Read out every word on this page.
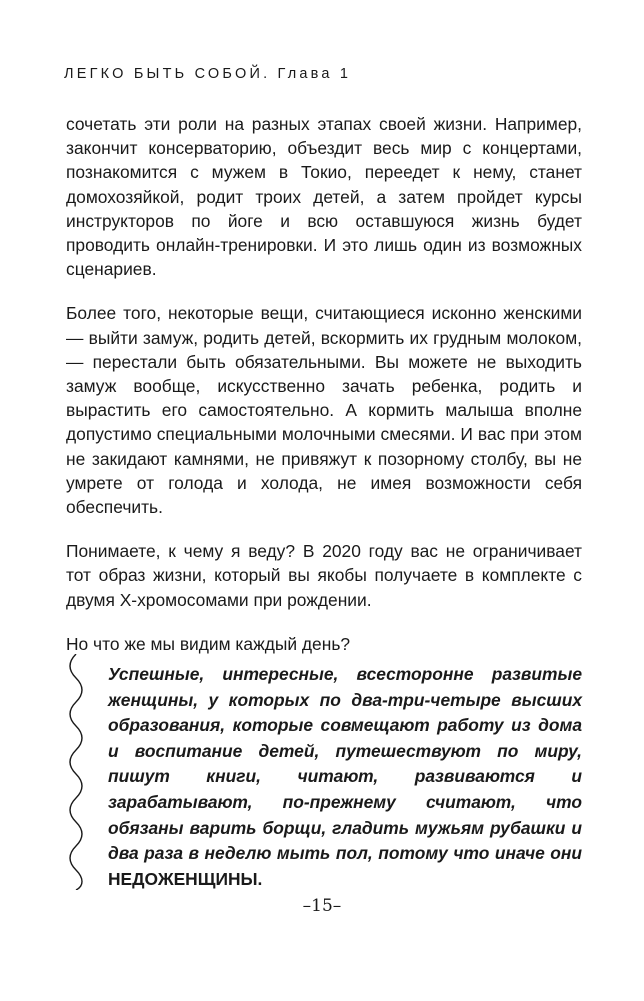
ЛЕГКО БЫТЬ СОБОЙ. Глава 1

сочетать эти роли на разных этапах своей жизни. Например, закончит консерваторию, объездит весь мир с концертами, познакомится с мужем в Токио, переедет к нему, станет домохозяйкой, родит троих детей, а затем пройдет курсы инструкторов по йоге и всю оставшуюся жизнь будет проводить онлайн-тренировки. И это лишь один из возможных сценариев.

Более того, некоторые вещи, считающиеся исконно женскими — выйти замуж, родить детей, вскормить их грудным молоком, — перестали быть обязательными. Вы можете не выходить замуж вообще, искусственно зачать ребенка, родить и вырастить его самостоятельно. А кормить малыша вполне допустимо специальными молочными смесями. И вас при этом не закидают камнями, не привяжут к позорному столбу, вы не умрете от голода и холода, не имея возможности себя обеспечить.

Понимаете, к чему я веду? В 2020 году вас не ограничивает тот образ жизни, который вы якобы получаете в комплекте с двумя Х-хромосомами при рождении.

Но что же мы видим каждый день?

Успешные, интересные, всесторонне развитые женщины, у которых по два-три-четыре высших образования, которые совмещают работу из дома и воспитание детей, путешествуют по миру, пишут книги, читают, развиваются и зарабатывают, по-прежнему считают, что обязаны варить борщи, гладить мужьям рубашки и два раза в неделю мыть пол, потому что иначе они НЕДОЖЕНЩИНЫ.

–15–
